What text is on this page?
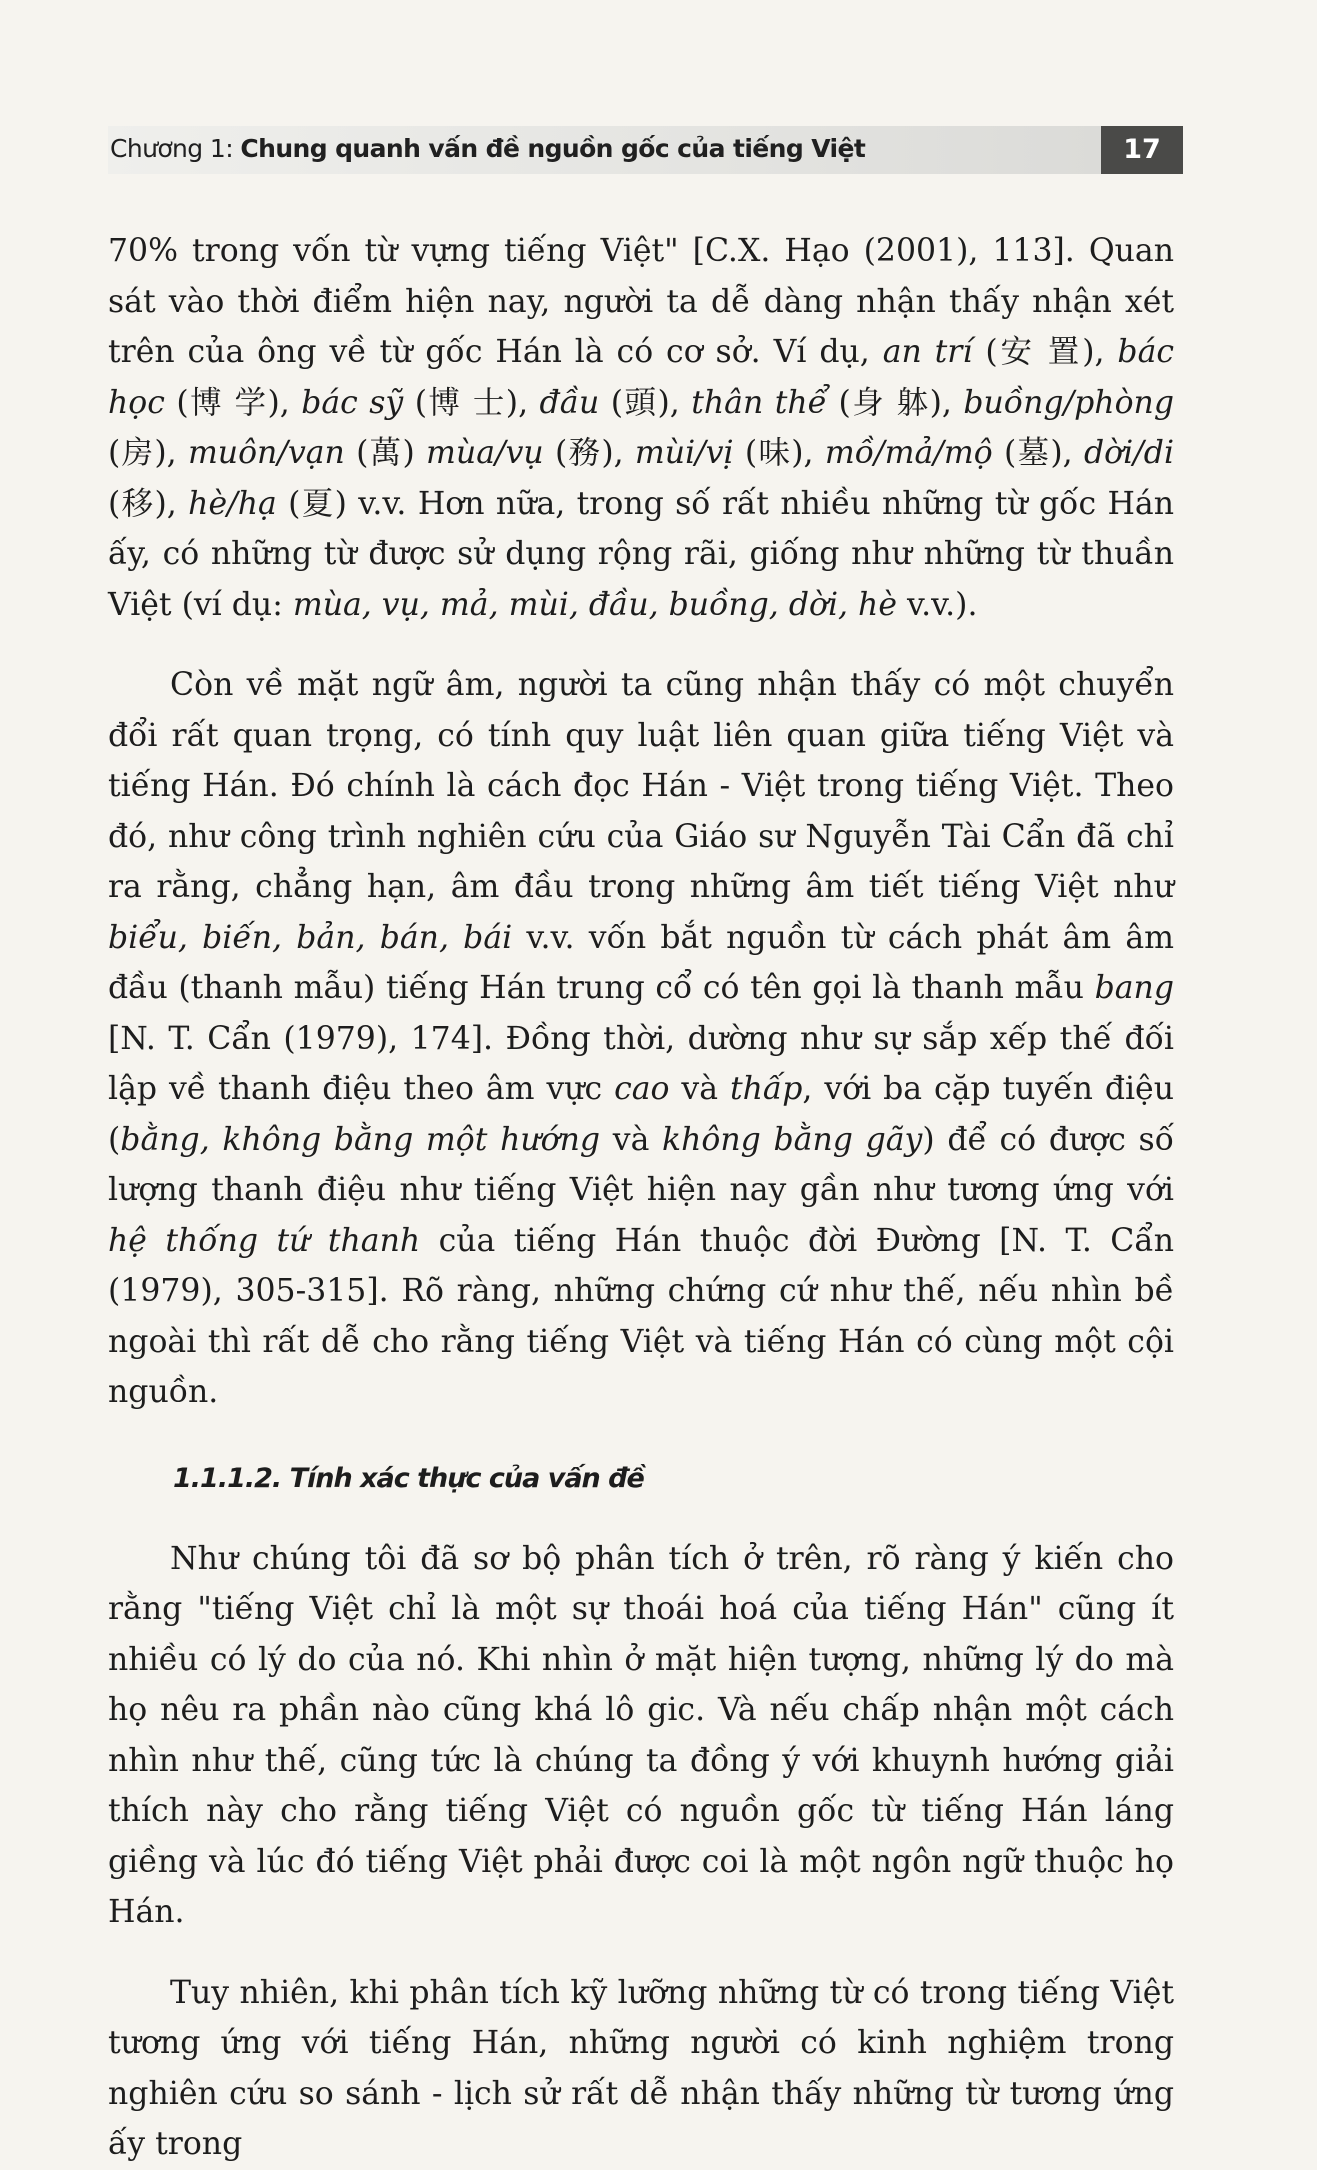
Chương 1: Chung quanh vấn đề nguồn gốc của tiếng Việt	17

70% trong vốn từ vựng tiếng Việt" [C.X. Hạo (2001), 113]. Quan sát vào thời điểm hiện nay, người ta dễ dàng nhận thấy nhận xét trên của ông về từ gốc Hán là có cơ sở. Ví dụ, an trí (安 置), bác học (博 学), bác sỹ (博 士), đầu (頭), thân thể (身 躰), buồng/phòng (房), muôn/vạn (萬) mùa/vụ (務), mùi/vị (味), mồ/mả/mộ (墓), dời/di (移), hè/hạ (夏) v.v. Hơn nữa, trong số rất nhiều những từ gốc Hán ấy, có những từ được sử dụng rộng rãi, giống như những từ thuần Việt (ví dụ: mùa, vụ, mả, mùi, đầu, buồng, dời, hè v.v.).

Còn về mặt ngữ âm, người ta cũng nhận thấy có một chuyển đổi rất quan trọng, có tính quy luật liên quan giữa tiếng Việt và tiếng Hán. Đó chính là cách đọc Hán - Việt trong tiếng Việt. Theo đó, như công trình nghiên cứu của Giáo sư Nguyễn Tài Cẩn đã chỉ ra rằng, chẳng hạn, âm đầu trong những âm tiết tiếng Việt như biểu, biến, bản, bán, bái v.v. vốn bắt nguồn từ cách phát âm âm đầu (thanh mẫu) tiếng Hán trung cổ có tên gọi là thanh mẫu bang [N. T. Cẩn (1979), 174]. Đồng thời, dường như sự sắp xếp thế đối lập về thanh điệu theo âm vực cao và thấp, với ba cặp tuyến điệu (bằng, không bằng một hướng và không bằng gãy) để có được số lượng thanh điệu như tiếng Việt hiện nay gần như tương ứng với hệ thống tứ thanh của tiếng Hán thuộc đời Đường [N. T. Cẩn (1979), 305-315]. Rõ ràng, những chứng cứ như thế, nếu nhìn bề ngoài thì rất dễ cho rằng tiếng Việt và tiếng Hán có cùng một cội nguồn.

1.1.1.2. Tính xác thực của vấn đề

Như chúng tôi đã sơ bộ phân tích ở trên, rõ ràng ý kiến cho rằng "tiếng Việt chỉ là một sự thoái hoá của tiếng Hán" cũng ít nhiều có lý do của nó. Khi nhìn ở mặt hiện tượng, những lý do mà họ nêu ra phần nào cũng khá lô gic. Và nếu chấp nhận một cách nhìn như thế, cũng tức là chúng ta đồng ý với khuynh hướng giải thích này cho rằng tiếng Việt có nguồn gốc từ tiếng Hán láng giềng và lúc đó tiếng Việt phải được coi là một ngôn ngữ thuộc họ Hán.

Tuy nhiên, khi phân tích kỹ lưỡng những từ có trong tiếng Việt tương ứng với tiếng Hán, những người có kinh nghiệm trong nghiên cứu so sánh - lịch sử rất dễ nhận thấy những từ tương ứng ấy trong
